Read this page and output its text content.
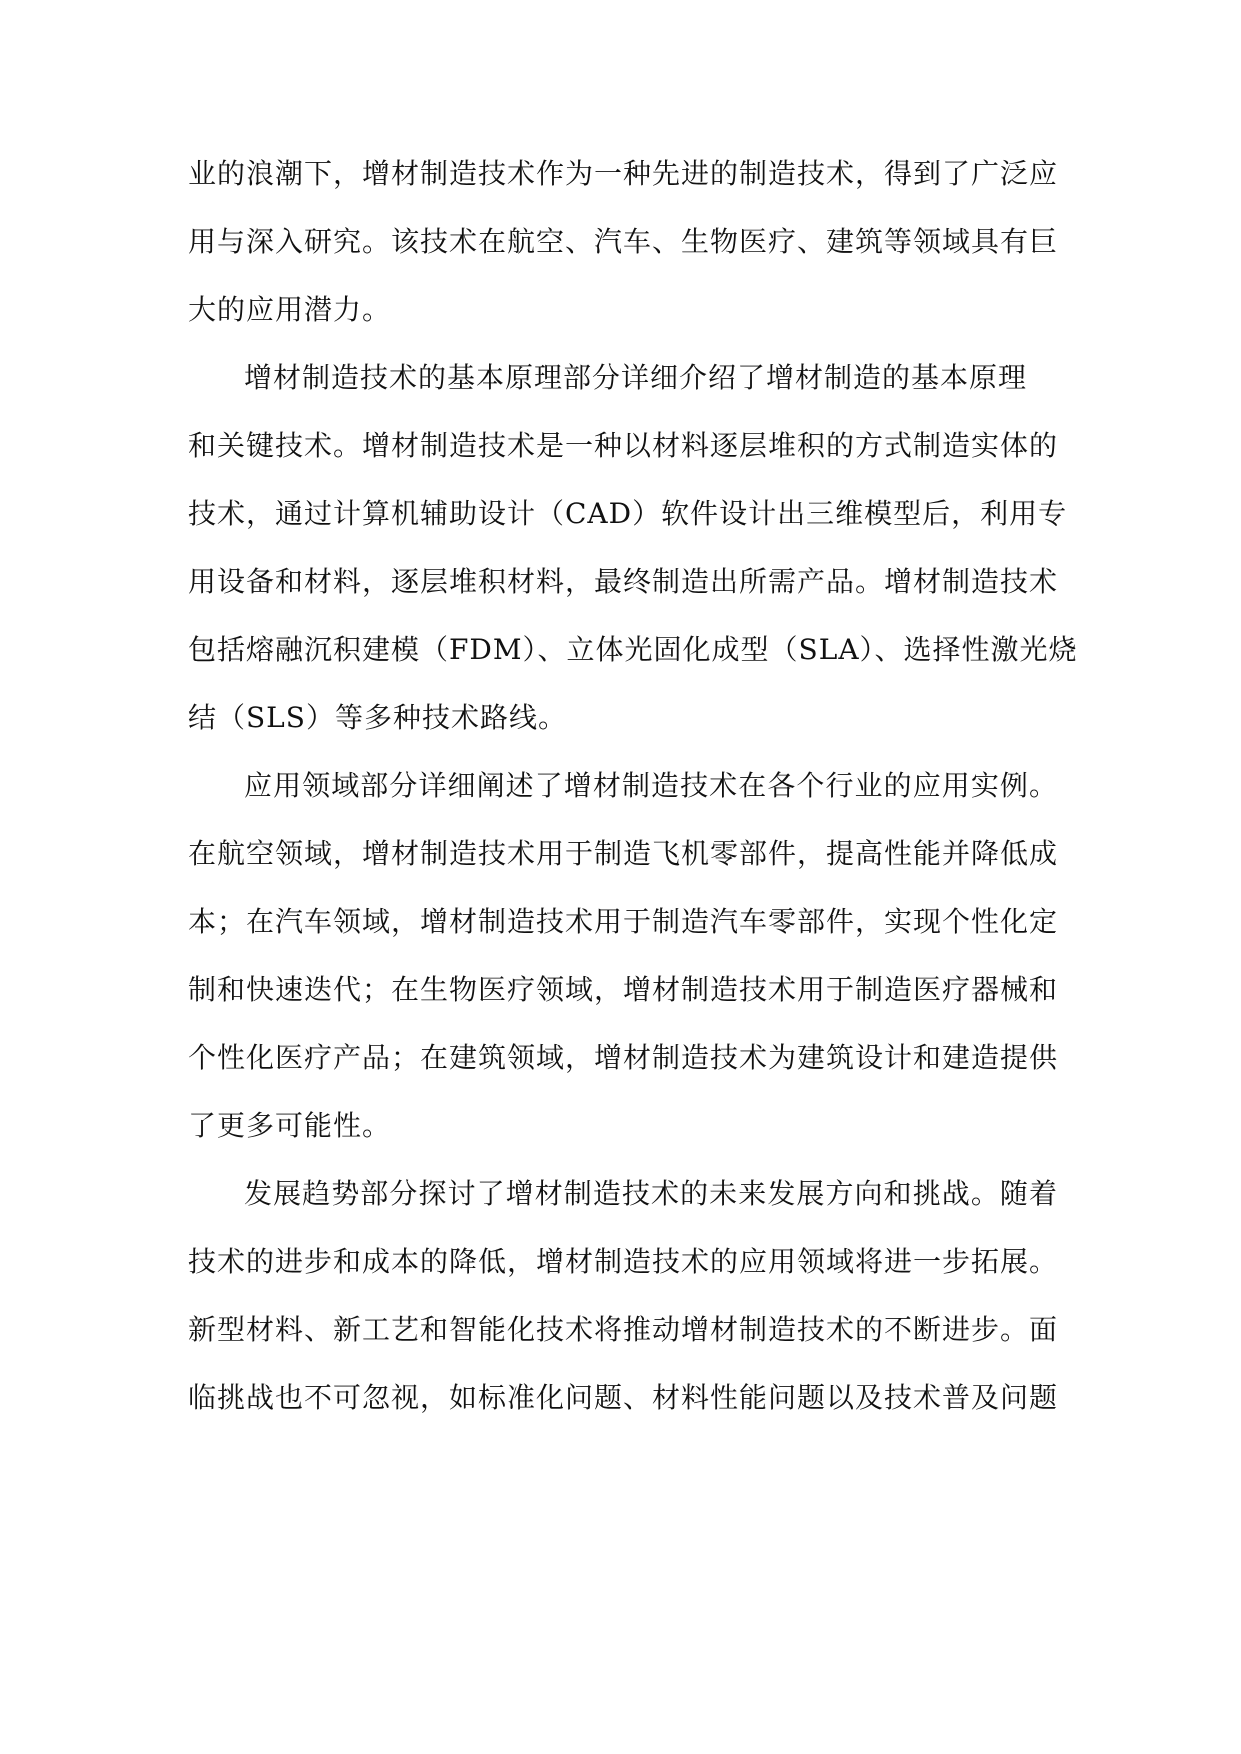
业的浪潮下，增材制造技术作为一种先进的制造技术，得到了广泛应
用与深入研究。该技术在航空、汽车、生物医疗、建筑等领域具有巨
大的应用潜力。
增材制造技术的基本原理部分详细介绍了增材制造的基本原理
和关键技术。增材制造技术是一种以材料逐层堆积的方式制造实体的
技术，通过计算机辅助设计（CAD）软件设计出三维模型后，利用专
用设备和材料，逐层堆积材料，最终制造出所需产品。增材制造技术
包括熔融沉积建模（FDM）、立体光固化成型（SLA）、选择性激光烧
结（SLS）等多种技术路线。
应用领域部分详细阐述了增材制造技术在各个行业的应用实例。
在航空领域，增材制造技术用于制造飞机零部件，提高性能并降低成
本；在汽车领域，增材制造技术用于制造汽车零部件，实现个性化定
制和快速迭代；在生物医疗领域，增材制造技术用于制造医疗器械和
个性化医疗产品；在建筑领域，增材制造技术为建筑设计和建造提供
了更多可能性。
发展趋势部分探讨了增材制造技术的未来发展方向和挑战。随着
技术的进步和成本的降低，增材制造技术的应用领域将进一步拓展。
新型材料、新工艺和智能化技术将推动增材制造技术的不断进步。面
临挑战也不可忽视，如标准化问题、材料性能问题以及技术普及问题
